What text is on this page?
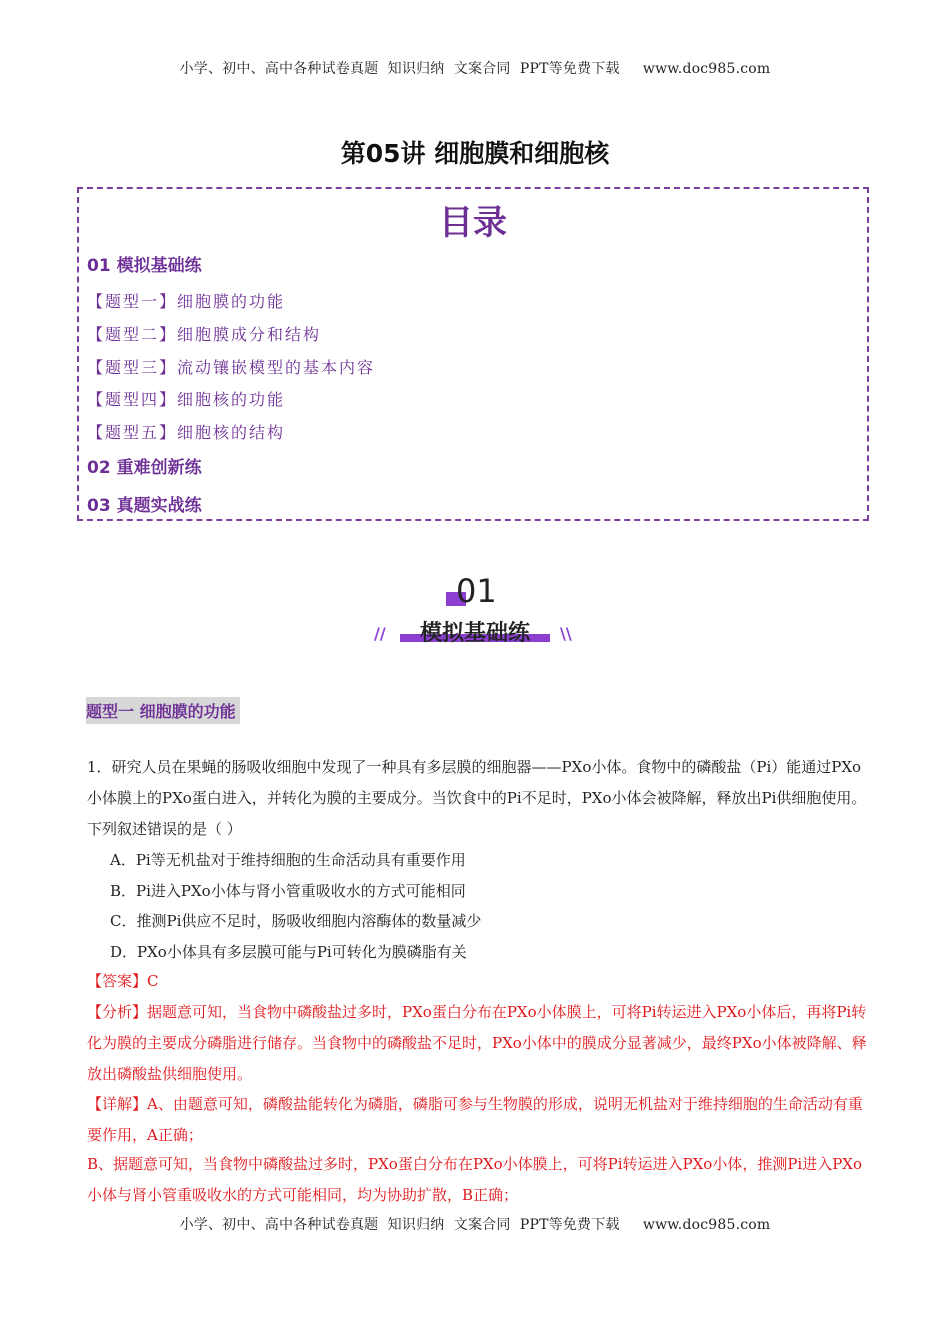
小学、初中、高中各种试卷真题  知识归纳  文案合同  PPT等免费下载     www.doc985.com
第05讲 细胞膜和细胞核
目录
01 模拟基础练
【题型一】细胞膜的功能
【题型二】细胞膜成分和结构
【题型三】流动镶嵌模型的基本内容
【题型四】细胞核的功能
【题型五】细胞核的结构
02 重难创新练
03 真题实战练
01
模拟基础练
//	\\
题型一 细胞膜的功能
1．研究人员在果蝇的肠吸收细胞中发现了一种具有多层膜的细胞器——PXo小体。食物中的磷酸盐（Pi）能通过PXo小体膜上的PXo蛋白进入，并转化为膜的主要成分。当饮食中的Pi不足时，PXo小体会被降解，释放出Pi供细胞使用。下列叙述错误的是（ ）
A．Pi等无机盐对于维持细胞的生命活动具有重要作用
B．Pi进入PXo小体与肾小管重吸收水的方式可能相同
C．推测Pi供应不足时，肠吸收细胞内溶酶体的数量减少
D．PXo小体具有多层膜可能与Pi可转化为膜磷脂有关
【答案】C
【分析】据题意可知，当食物中磷酸盐过多时，PXo蛋白分布在PXo小体膜上，可将Pi转运进入PXo小体后，再将Pi转化为膜的主要成分磷脂进行储存。当食物中的磷酸盐不足时，PXo小体中的膜成分显著减少，最终PXo小体被降解、释放出磷酸盐供细胞使用。
【详解】A、由题意可知，磷酸盐能转化为磷脂，磷脂可参与生物膜的形成，说明无机盐对于维持细胞的生命活动有重要作用，A正确；
B、据题意可知，当食物中磷酸盐过多时，PXo蛋白分布在PXo小体膜上，可将Pi转运进入PXo小体，推测Pi进入PXo小体与肾小管重吸收水的方式可能相同，均为协助扩散，B正确；
小学、初中、高中各种试卷真题  知识归纳  文案合同  PPT等免费下载     www.doc985.com
